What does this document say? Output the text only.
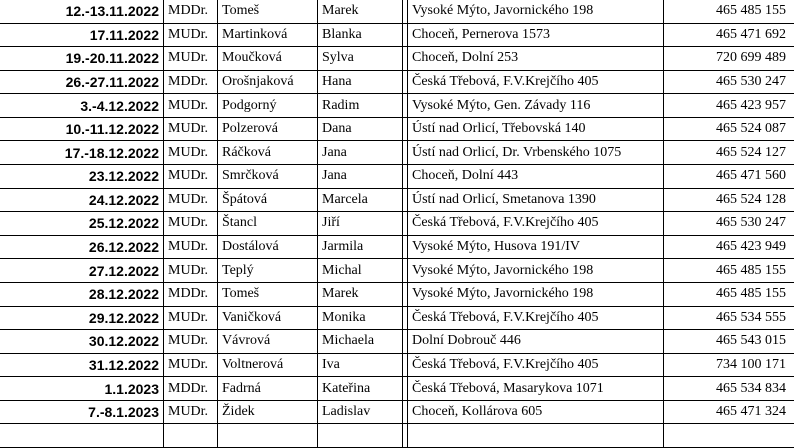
12.-13.11.2022 MDDr. Tomeš	Marek	Vysoké Mýto, Javornického 198	465 485 155
17.11.2022 MUDr. Martinková	Blanka	Choceň, Pernerova 1573	465 471 692
19.-20.11.2022 MUDr. Moučková	Sylva	Choceň, Dolní 253	720 699 489
26.-27.11.2022 MDDr. Orošnjaková	Hana	Česká Třebová, F.V.Krejčího 405	465 530 247
3.-4.12.2022 MUDr. Podgorný	Radim	Vysoké Mýto, Gen. Závady 116	465 423 957
10.-11.12.2022 MUDr. Polzerová	Dana	Ústí nad Orlicí, Třebovská 140	465 524 087
17.-18.12.2022 MUDr. Ráčková	Jana	Ústí nad Orlicí, Dr. Vrbenského 1075	465 524 127
23.12.2022 MUDr. Smrčková	Jana	Choceň, Dolní 443	465 471 560
24.12.2022 MUDr. Špátová	Marcela	Ústí nad Orlicí, Smetanova 1390	465 524 128
25.12.2022 MUDr. Štancl	Jiří	Česká Třebová, F.V.Krejčího 405	465 530 247
26.12.2022 MUDr. Dostálová	Jarmila	Vysoké Mýto, Husova 191/IV	465 423 949
27.12.2022 MUDr. Teplý	Michal	Vysoké Mýto, Javornického 198	465 485 155
28.12.2022 MDDr. Tomeš	Marek	Vysoké Mýto, Javornického 198	465 485 155
29.12.2022 MUDr. Vaničková	Monika	Česká Třebová, F.V.Krejčího 405	465 534 555
30.12.2022 MUDr. Vávrová	Michaela	Dolní Dobrouč 446	465 543 015
31.12.2022 MUDr. Voltnerová	Iva	Česká Třebová, F.V.Krejčího 405	734 100 171
1.1.2023 MDDr. Fadrná	Kateřina	Česká Třebová, Masarykova 1071	465 534 834
7.-8.1.2023 MUDr. Židek	Ladislav	Choceň, Kollárova 605	465 471 324
